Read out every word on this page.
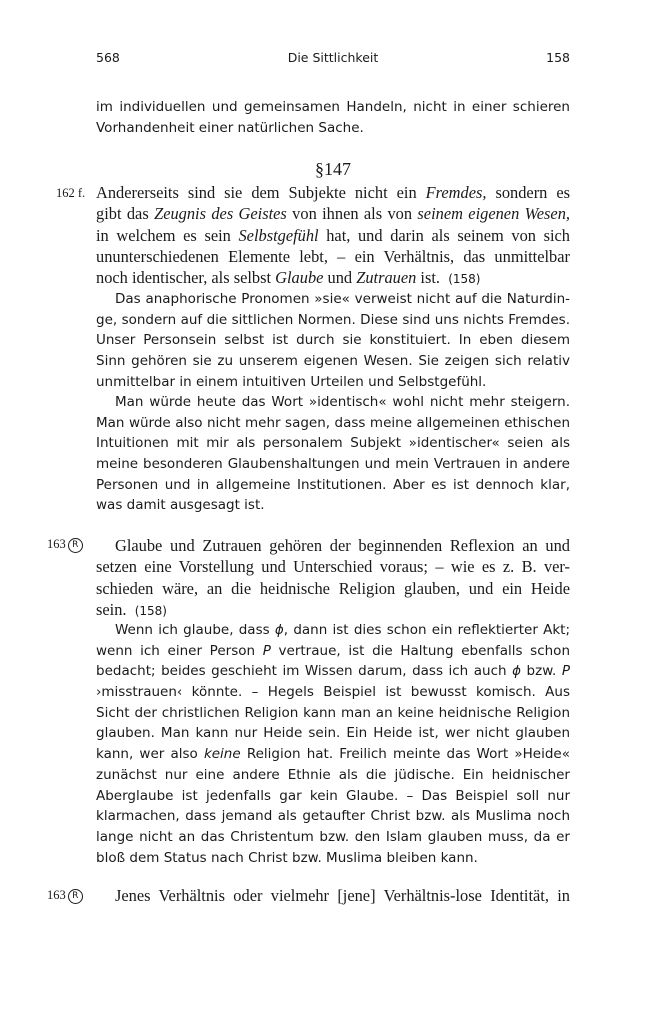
568	Die Sittlichkeit	158
im individuellen und gemeinsamen Handeln, nicht in einer schieren
Vorhandenheit einer natürlichen Sache.
§147
162 f. Andererseits sind sie dem Subjekte nicht ein Fremdes, sondern es
gibt das Zeugnis des Geistes von ihnen als von seinem eigenen Wesen,
in welchem es sein Selbstgefühl hat, und darin als seinem von sich
ununterschiedenen Elemente lebt, – ein Verhältnis, das unmittelbar
noch identischer, als selbst Glaube und Zutrauen ist.  (158)
Das anaphorische Pronomen »sie« verweist nicht auf die Naturdin-
ge, sondern auf die sittlichen Normen. Diese sind uns nichts Fremdes.
Unser Personsein selbst ist durch sie konstituiert. In eben diesem
Sinn gehören sie zu unserem eigenen Wesen. Sie zeigen sich relativ
unmittelbar in einem intuitiven Urteilen und Selbstgefühl.
Man würde heute das Wort »identisch« wohl nicht mehr steigern.
Man würde also nicht mehr sagen, dass meine allgemeinen ethischen
Intuitionen mit mir als personalem Subjekt »identischer« seien als
meine besonderen Glaubenshaltungen und mein Vertrauen in andere
Personen und in allgemeine Institutionen. Aber es ist dennoch klar,
was damit ausgesagt ist.
163 R	Glaube und Zutrauen gehören der beginnenden Reflexion an und
setzen eine Vorstellung und Unterschied voraus; – wie es z. B. ver-
schieden wäre, an die heidnische Religion glauben, und ein Heide
sein. (158)
Wenn ich glaube, dass ϕ, dann ist dies schon ein reflektierter Akt;
wenn ich einer Person P vertraue, ist die Haltung ebenfalls schon
bedacht; beides geschieht im Wissen darum, dass ich auch ϕ bzw. P
›misstrauen‹ könnte. – Hegels Beispiel ist bewusst komisch. Aus
Sicht der christlichen Religion kann man an keine heidnische Religion
glauben. Man kann nur Heide sein. Ein Heide ist, wer nicht glauben
kann, wer also keine Religion hat. Freilich meinte das Wort »Heide«
zunächst nur eine andere Ethnie als die jüdische. Ein heidnischer
Aberglaube ist jedenfalls gar kein Glaube. – Das Beispiel soll nur
klarmachen, dass jemand als getaufter Christ bzw. als Muslima noch
lange nicht an das Christentum bzw. den Islam glauben muss, da er
bloß dem Status nach Christ bzw. Muslima bleiben kann.
163 R	Jenes Verhältnis oder vielmehr [jene] Verhältnis-lose Identität, in
